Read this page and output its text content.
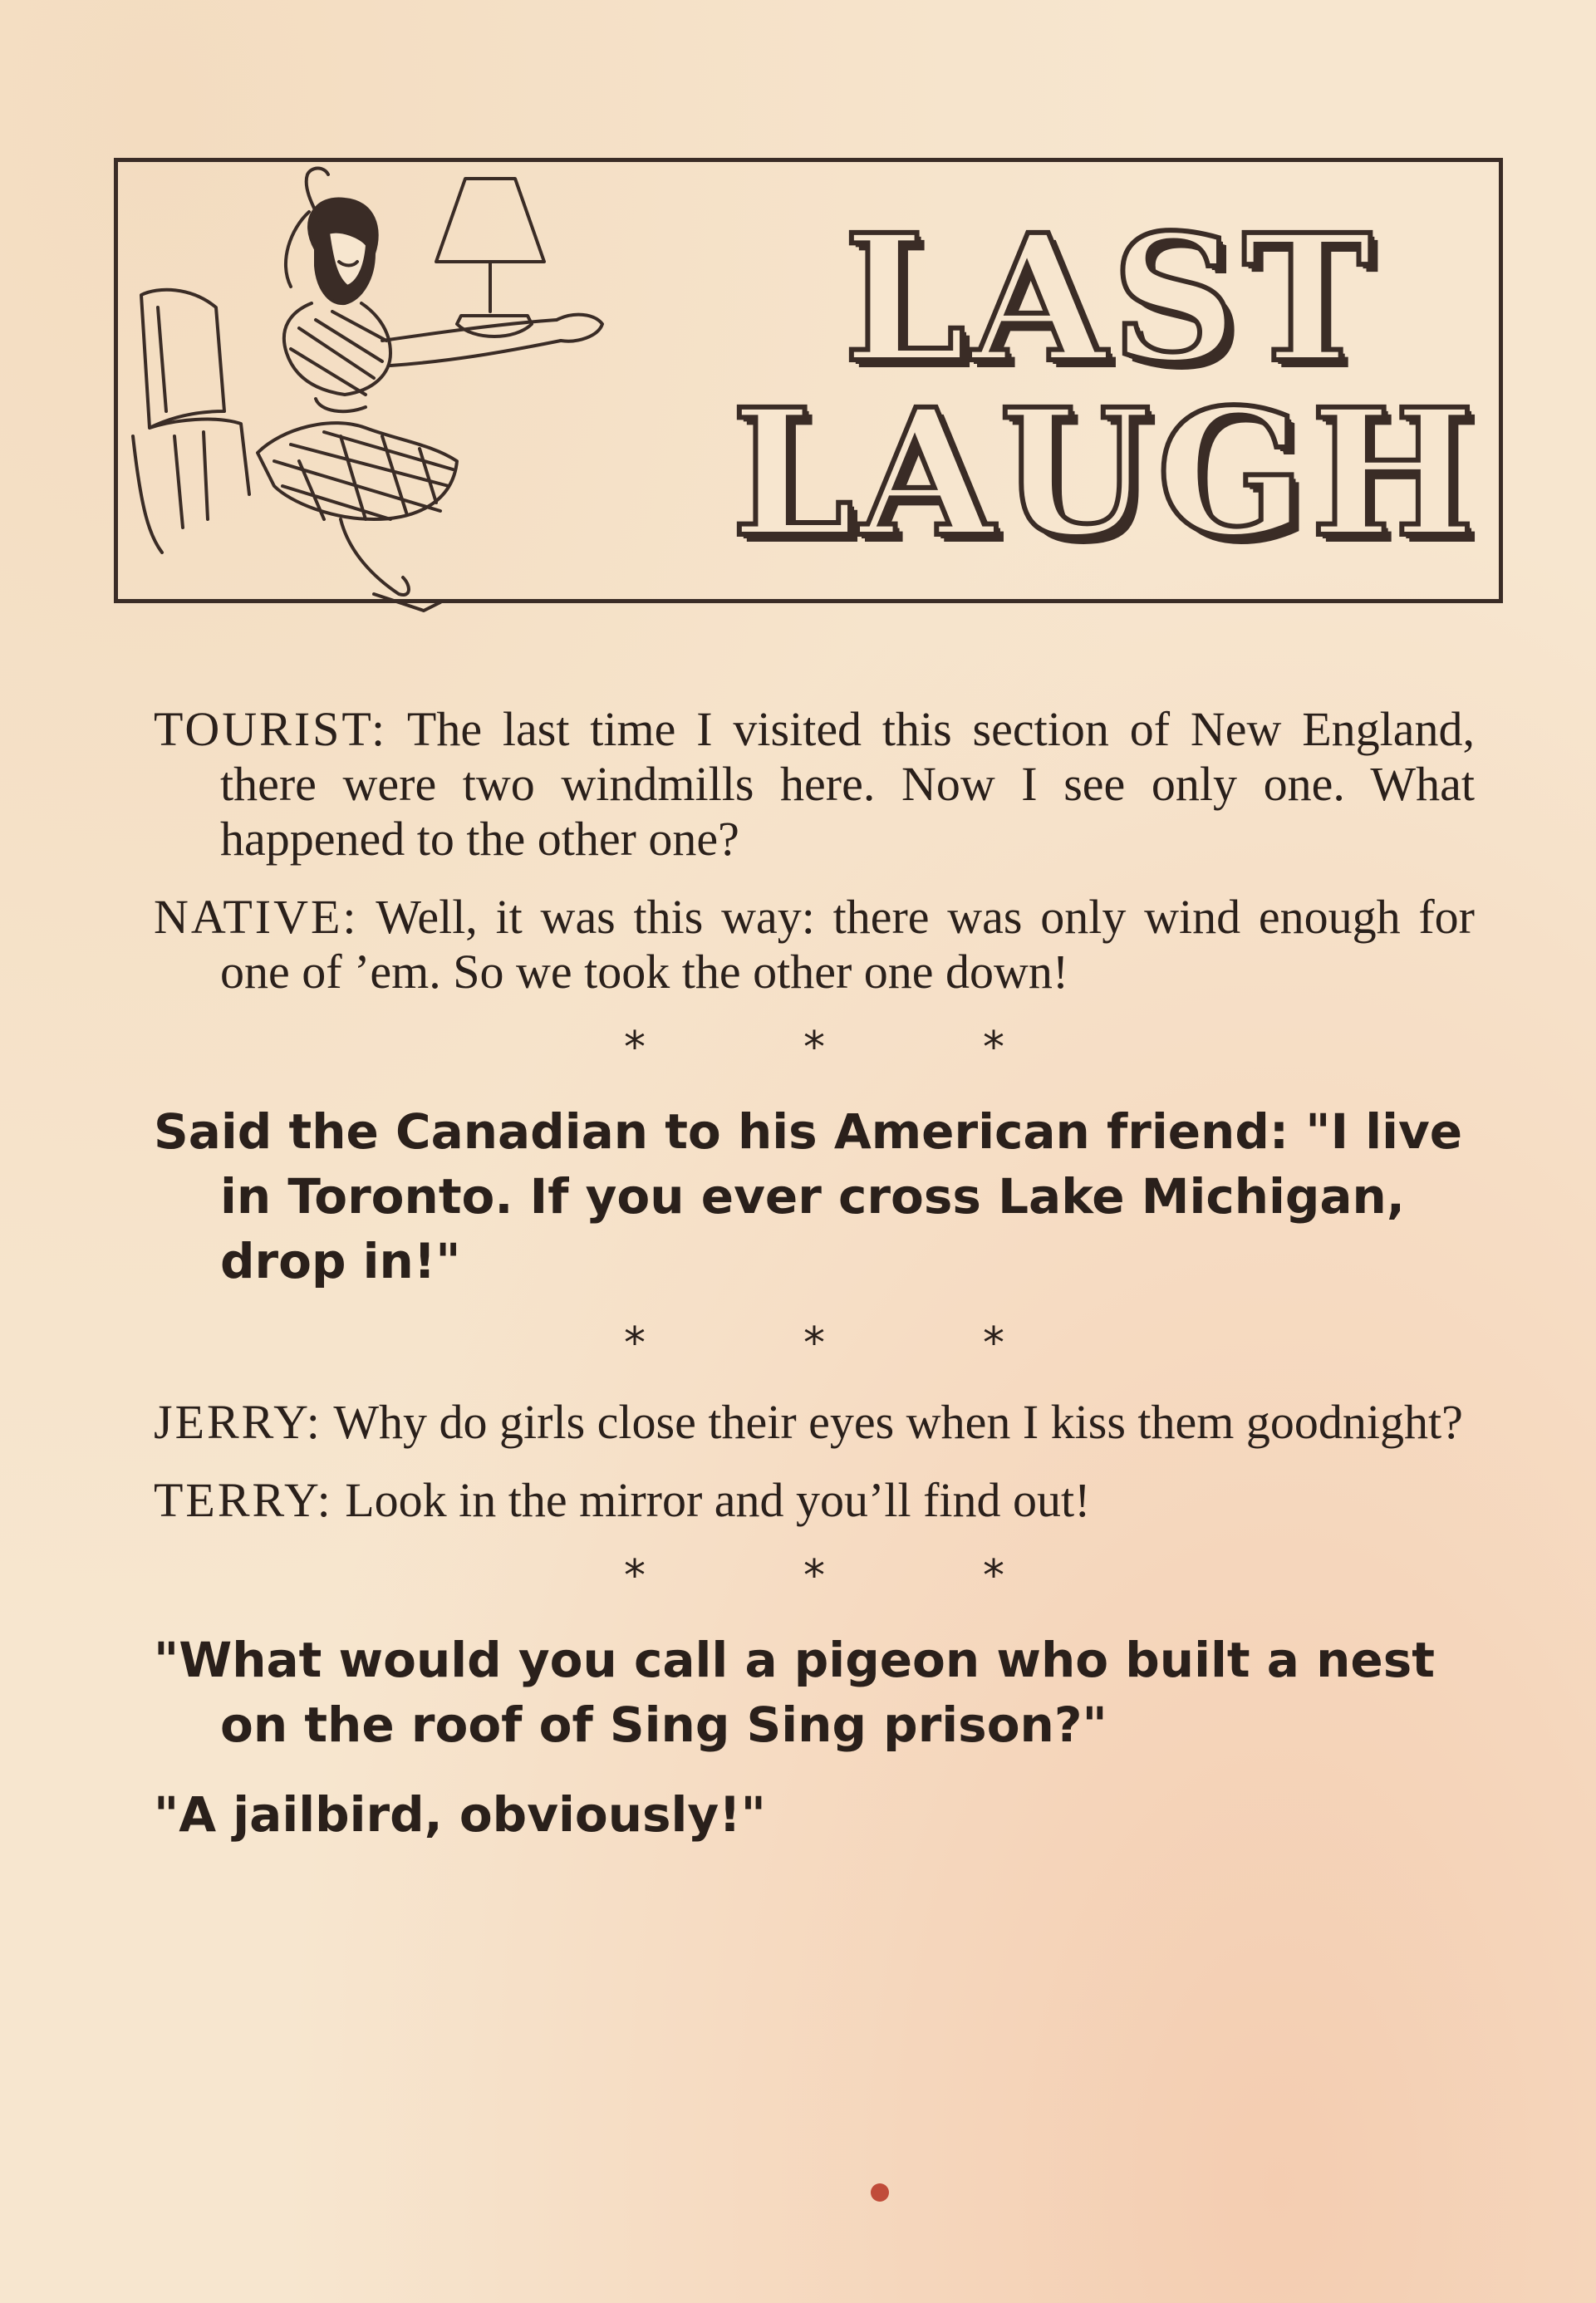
LAST
LAUGH

TOURIST: The last time I visited this section of New England, there were two windmills here. Now I see only one. What happened to the other one?

NATIVE: Well, it was this way: there was only wind enough for one of ’em. So we took the other one down!

*	*	*

Said the Canadian to his American friend: "I live in Toronto. If you ever cross Lake Michigan, drop in!"

*	*	*

JERRY: Why do girls close their eyes when I kiss them goodnight?

TERRY: Look in the mirror and you’ll find out!

*	*	*

"What would you call a pigeon who built a nest on the roof of Sing Sing prison?"

"A jailbird, obviously!"
